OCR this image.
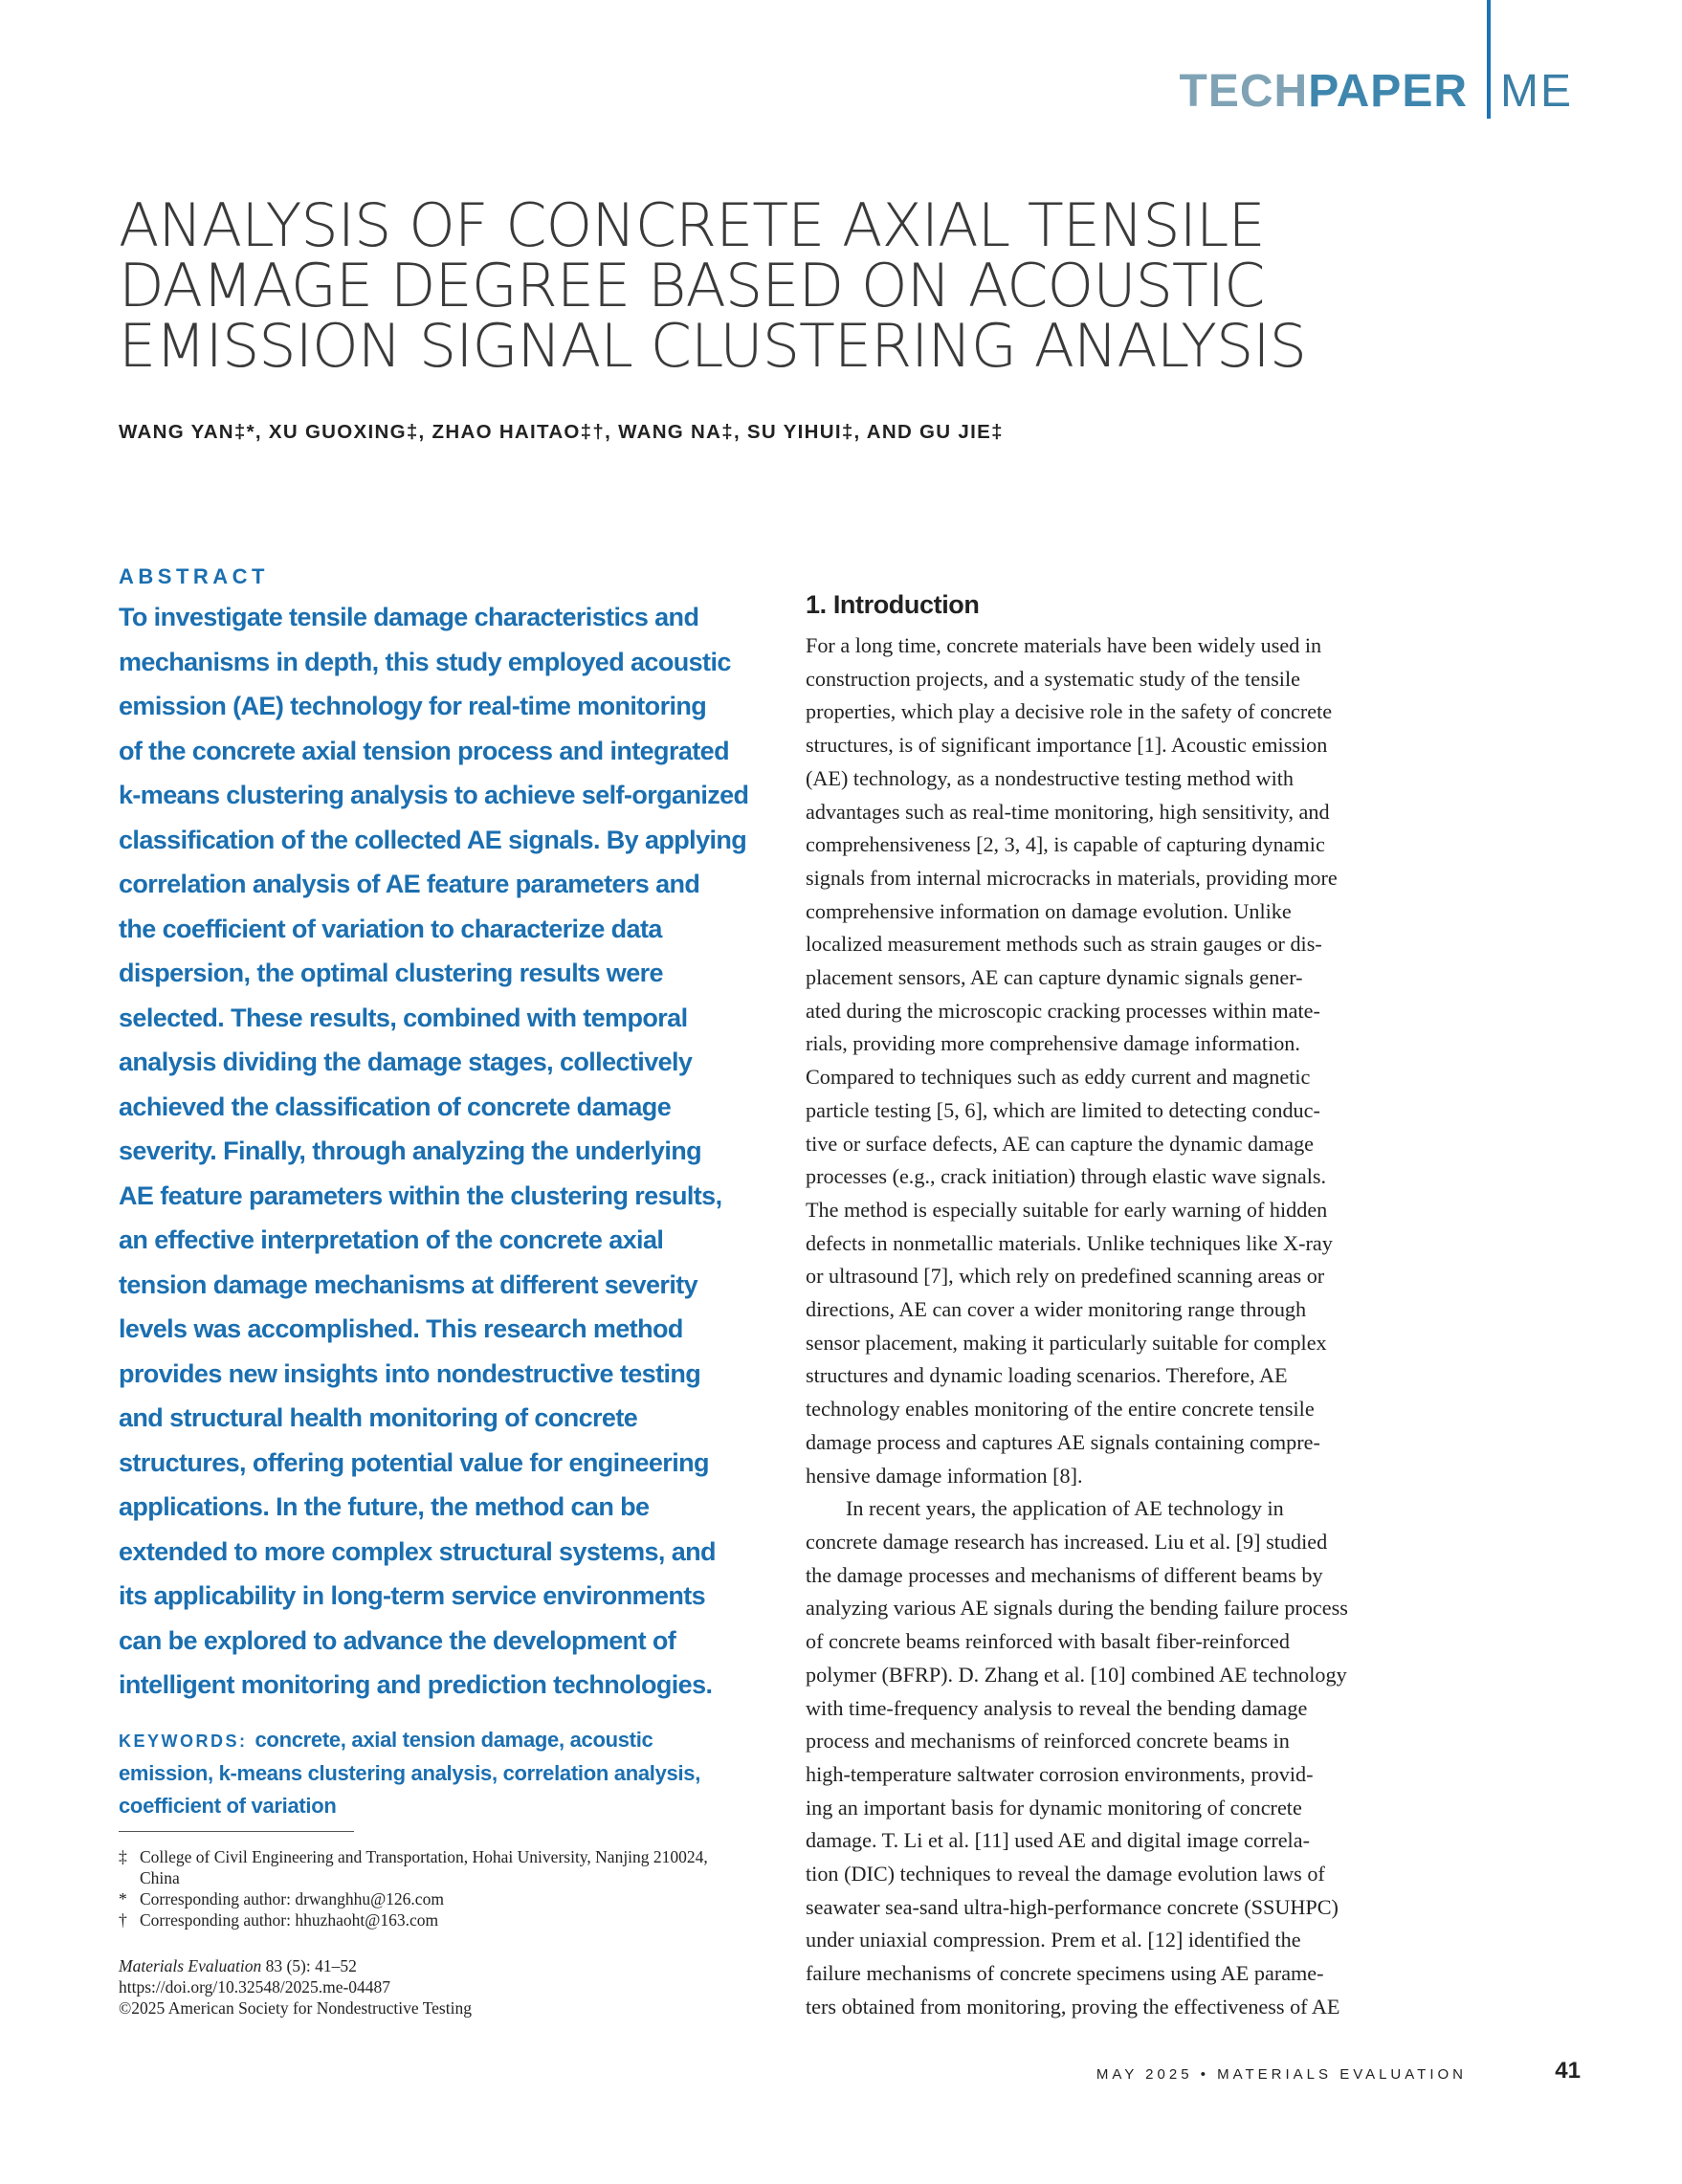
TECHPAPER ME
ANALYSIS OF CONCRETE AXIAL TENSILE
DAMAGE DEGREE BASED ON ACOUSTIC
EMISSION SIGNAL CLUSTERING ANALYSIS
WANG YAN‡*, XU GUOXING‡, ZHAO HAITAO‡†, WANG NA‡, SU YIHUI‡, AND GU JIE‡
ABSTRACT

To investigate tensile damage characteristics and
mechanisms in depth, this study employed acoustic
emission (AE) technology for real-time monitoring
of the concrete axial tension process and integrated
k-means clustering analysis to achieve self-organized
classification of the collected AE signals. By applying
correlation analysis of AE feature parameters and
the coefficient of variation to characterize data
dispersion, the optimal clustering results were
selected. These results, combined with temporal
analysis dividing the damage stages, collectively
achieved the classification of concrete damage
severity. Finally, through analyzing the underlying
AE feature parameters within the clustering results,
an effective interpretation of the concrete axial
tension damage mechanisms at different severity
levels was accomplished. This research method
provides new insights into nondestructive testing
and structural health monitoring of concrete
structures, offering potential value for engineering
applications. In the future, the method can be
extended to more complex structural systems, and
its applicability in long-term service environments
can be explored to advance the development of
intelligent monitoring and prediction technologies.

KEYWORDS: concrete, axial tension damage, acoustic
emission, k-means clustering analysis, correlation analysis,
coefficient of variation
‡ College of Civil Engineering and Transportation, Hohai University, Nanjing 210024, China
* Corresponding author: drwanghhu@126.com
† Corresponding author: hhuzhaoht@163.com
Materials Evaluation 83 (5): 41–52
https://doi.org/10.32548/2025.me-04487
©2025 American Society for Nondestructive Testing
1. Introduction
For a long time, concrete materials have been widely used in
construction projects, and a systematic study of the tensile
properties, which play a decisive role in the safety of concrete
structures, is of significant importance [1]. Acoustic emission
(AE) technology, as a nondestructive testing method with
advantages such as real-time monitoring, high sensitivity, and
comprehensiveness [2, 3, 4], is capable of capturing dynamic
signals from internal microcracks in materials, providing more
comprehensive information on damage evolution. Unlike
localized measurement methods such as strain gauges or dis-
placement sensors, AE can capture dynamic signals gener-
ated during the microscopic cracking processes within mate-
rials, providing more comprehensive damage information.
Compared to techniques such as eddy current and magnetic
particle testing [5, 6], which are limited to detecting conduc-
tive or surface defects, AE can capture the dynamic damage
processes (e.g., crack initiation) through elastic wave signals.
The method is especially suitable for early warning of hidden
defects in nonmetallic materials. Unlike techniques like X-ray
or ultrasound [7], which rely on predefined scanning areas or
directions, AE can cover a wider monitoring range through
sensor placement, making it particularly suitable for complex
structures and dynamic loading scenarios. Therefore, AE
technology enables monitoring of the entire concrete tensile
damage process and captures AE signals containing compre-
hensive damage information [8].
In recent years, the application of AE technology in
concrete damage research has increased. Liu et al. [9] studied
the damage processes and mechanisms of different beams by
analyzing various AE signals during the bending failure process
of concrete beams reinforced with basalt fiber-reinforced
polymer (BFRP). D. Zhang et al. [10] combined AE technology
with time-frequency analysis to reveal the bending damage
process and mechanisms of reinforced concrete beams in
high-temperature saltwater corrosion environments, provid-
ing an important basis for dynamic monitoring of concrete
damage. T. Li et al. [11] used AE and digital image correla-
tion (DIC) techniques to reveal the damage evolution laws of
seawater sea-sand ultra-high-performance concrete (SSUHPC)
under uniaxial compression. Prem et al. [12] identified the
failure mechanisms of concrete specimens using AE parame-
ters obtained from monitoring, proving the effectiveness of AE
MAY 2025 • MATERIALS EVALUATION	41
